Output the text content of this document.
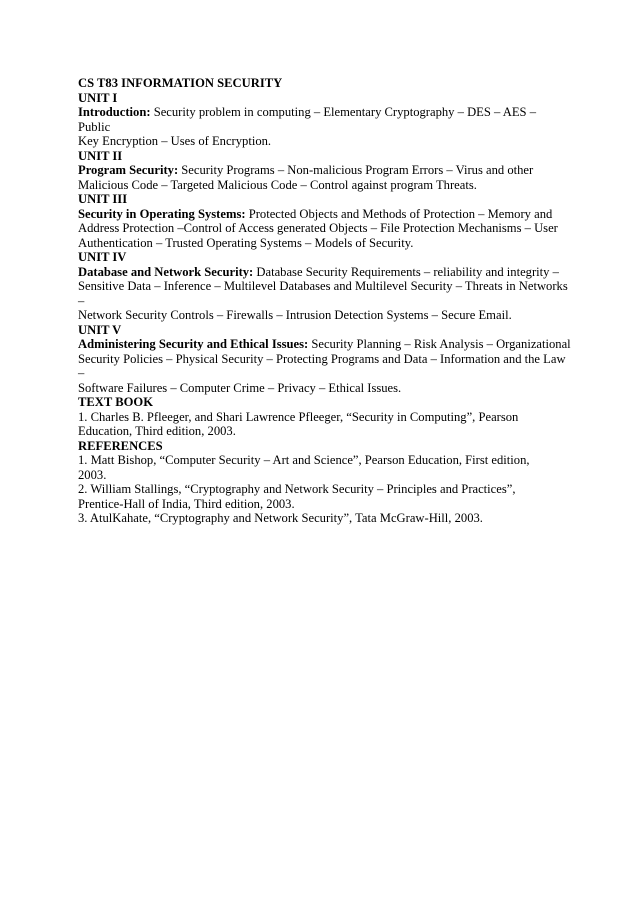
CS T83 INFORMATION SECURITY
UNIT I
Introduction: Security problem in computing – Elementary Cryptography – DES – AES –
Public
Key Encryption – Uses of Encryption.
UNIT II
Program Security: Security Programs – Non-malicious Program Errors – Virus and other
Malicious Code – Targeted Malicious Code – Control against program Threats.
UNIT III
Security in Operating Systems: Protected Objects and Methods of Protection – Memory and
Address Protection –Control of Access generated Objects – File Protection Mechanisms – User
Authentication – Trusted Operating Systems – Models of Security.
UNIT IV
Database and Network Security: Database Security Requirements – reliability and integrity –
Sensitive Data – Inference – Multilevel Databases and Multilevel Security – Threats in Networks
–
Network Security Controls – Firewalls – Intrusion Detection Systems – Secure Email.
UNIT V
Administering Security and Ethical Issues: Security Planning – Risk Analysis – Organizational
Security Policies – Physical Security – Protecting Programs and Data – Information and the Law
–
Software Failures – Computer Crime – Privacy – Ethical Issues.
TEXT BOOK
1. Charles B. Pfleeger, and Shari Lawrence Pfleeger, “Security in Computing”, Pearson
Education, Third edition, 2003.
REFERENCES
1. Matt Bishop, “Computer Security – Art and Science”, Pearson Education, First edition,
2003.
2. William Stallings, “Cryptography and Network Security – Principles and Practices”,
Prentice-Hall of India, Third edition, 2003.
3. AtulKahate, “Cryptography and Network Security”, Tata McGraw-Hill, 2003.
